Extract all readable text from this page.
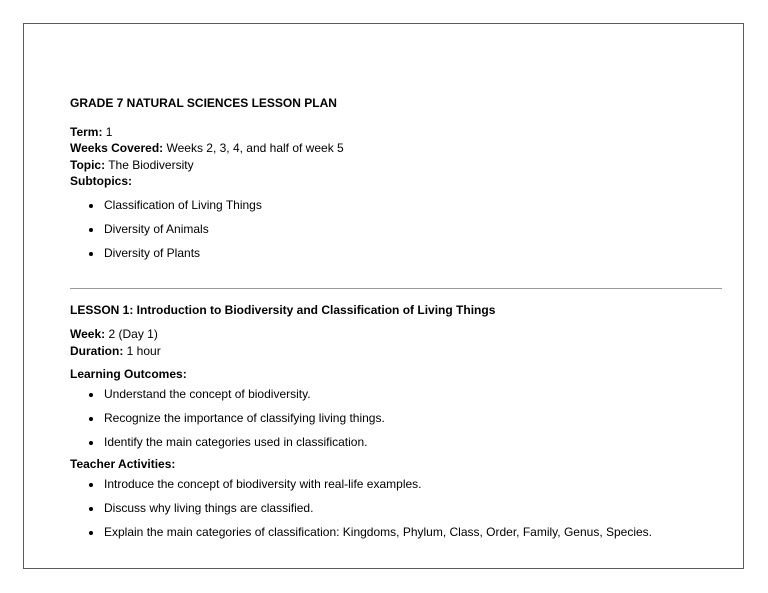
GRADE 7 NATURAL SCIENCES LESSON PLAN

Term: 1

Weeks Covered: Weeks 2, 3, 4, and half of week 5

Topic: The Biodiversity

Subtopics:

Classification of Living Things
Diversity of Animals
Diversity of Plants

LESSON 1: Introduction to Biodiversity and Classification of Living Things

Week: 2 (Day 1)

Duration: 1 hour

Learning Outcomes:

Understand the concept of biodiversity.
Recognize the importance of classifying living things.
Identify the main categories used in classification.

Teacher Activities:

Introduce the concept of biodiversity with real-life examples.
Discuss why living things are classified.
Explain the main categories of classification: Kingdoms, Phylum, Class, Order, Family, Genus, Species.
